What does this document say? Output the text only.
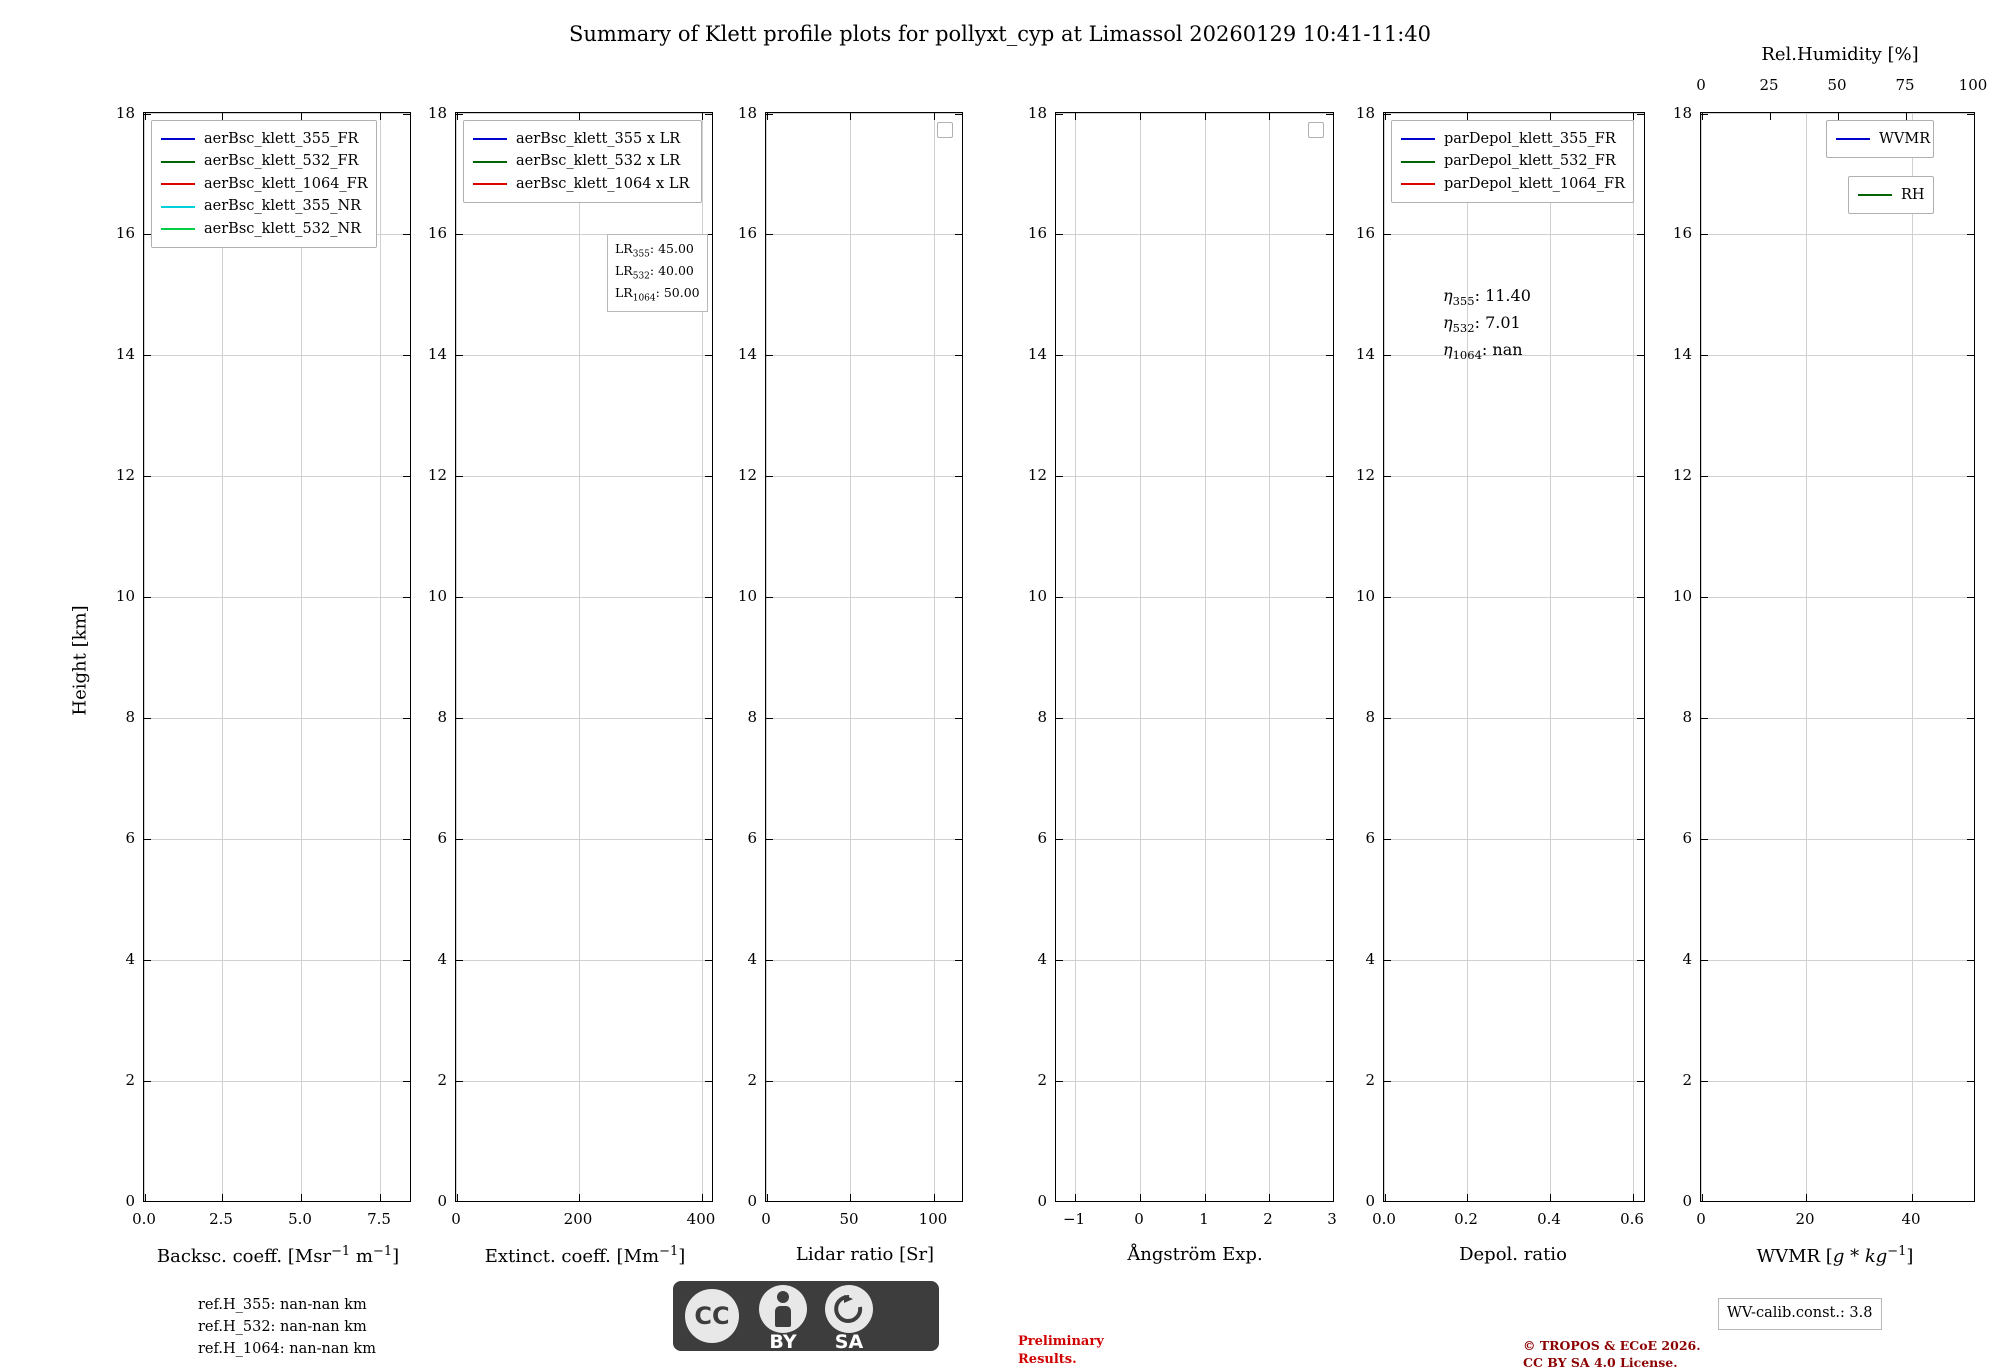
Summary of Klett profile plots for pollyxt_cyp at Limassol 20260129 10:41-11:40
Height [km]
aerBsc_klett_355_FR
aerBsc_klett_532_FR
aerBsc_klett_1064_FR
aerBsc_klett_355_NR
aerBsc_klett_532_NR
0
2
4
6
8
10
12
14
16
18
0.0	2.5	5.0	7.5
Backsc. coeff. [Msr$^{-1}$ $m^{-1}$]
aerBsc_klett_355 x LR
aerBsc_klett_532 x LR
aerBsc_klett_1064 x LR
$LR_{355}$: 45.00
$LR_{532}$: 40.00
$LR_{1064}$: 50.00
0
2
4
6
8
10
12
14
16
18
0	200	400
Extinct. coeff. $[Mm^{-1}]$
0
2
4
6
8
10
12
14
16
18
0	50	100
Lidar ratio [Sr]
0
2
4
6
8
10
12
14
16
18
−1	0	1	2	3
Ångström Exp.
parDepol_klett_355_FR
parDepol_klett_532_FR
parDepol_klett_1064_FR
$\eta_{355}$: 11.40
$\eta_{532}$: 7.01
$\eta_{1064}$: nan
0
2
4
6
8
10
12
14
16
18
0.0	0.2	0.4	0.6
Depol. ratio
Rel.Humidity [%]
0	25	50	75	100
WVMR
RH
0
2
4
6
8
10
12
14
16
18
0	20	40
WVMR $[g * kg^{-1}]$
ref.H_355: nan-nan km
ref.H_532: nan-nan km
ref.H_1064: nan-nan km
WV-calib.const.: 3.8
Preliminary
Results.
© TROPOS & ECoE 2026.
CC BY SA 4.0 License.
CC
BY	SA
